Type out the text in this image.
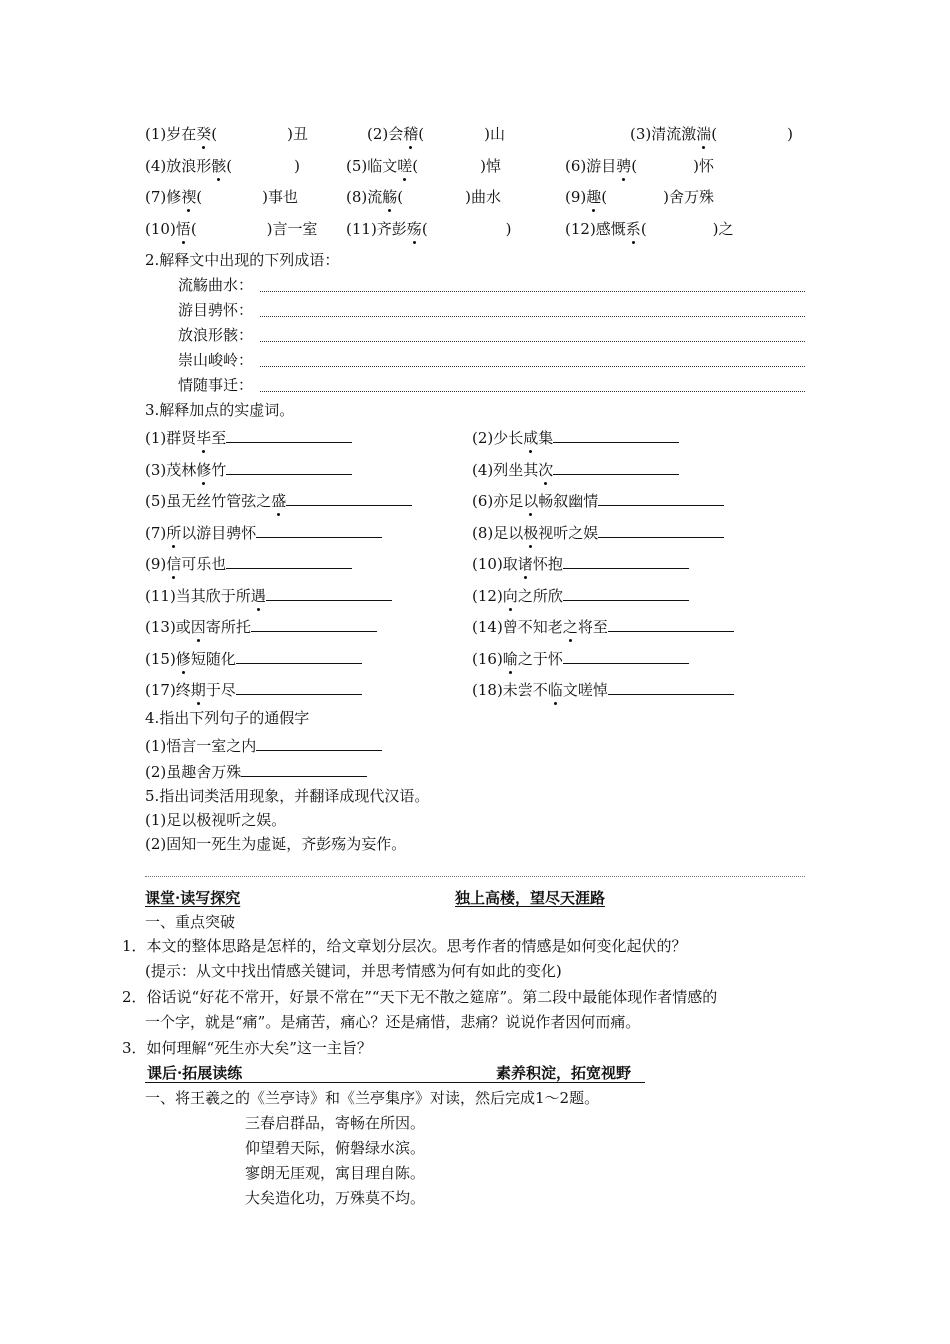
(1)岁在癸(	)丑	(2)会稽(	)山	(3)清流激湍(	)
(4)放浪形骸(	)	(5)临文嗟(	)悼	(6)游目骋(	)怀
(7)修禊(	)事也	(8)流觞(	)曲水	(9)趣(	)舍万殊
(10)悟(	)言一室 (11)齐彭殇(	)	(12)感慨系(	)之
2.解释文中出现的下列成语：
流觞曲水：
游目骋怀：
放浪形骸：
崇山峻岭：
情随事迁：
3.解释加点的实虚词。
(1)群贤毕至	(2)少长咸集
(3)茂林修竹	(4)列坐其次
(5)虽无丝竹管弦之盛	(6)亦足以畅叙幽情
(7)所以游目骋怀	(8)足以极视听之娱
(9)信可乐也	(10)取诸怀抱
(11)当其欣于所遇	(12)向之所欣
(13)或因寄所托	(14)曾不知老之将至
(15)修短随化	(16)喻之于怀
(17)终期于尽	(18)未尝不临文嗟悼
4.指出下列句子的通假字
(1)悟言一室之内
(2)虽趣舍万殊
5.指出词类活用现象，并翻译成现代汉语。
(1)足以极视听之娱。
(2)固知一死生为虚诞，齐彭殇为妄作。
课堂·读写探究	独上高楼，望尽天涯路
一、重点突破
1．本文的整体思路是怎样的，给文章划分层次。思考作者的情感是如何变化起伏的？
(提示：从文中找出情感关键词，并思考情感为何有如此的变化)
2．俗话说“好花不常开，好景不常在”“天下无不散之筵席”。第二段中最能体现作者情感的
一个字，就是“痛”。是痛苦，痛心？还是痛惜，悲痛？说说作者因何而痛。
3．如何理解“死生亦大矣”这一主旨？
课后·拓展读练	素养积淀，拓宽视野
一、将王羲之的《兰亭诗》和《兰亭集序》对读，然后完成1～2题。
三春启群品，寄畅在所因。
仰望碧天际，俯磐绿水滨。
寥朗无厓观，寓目理自陈。
大矣造化功，万殊莫不均。
